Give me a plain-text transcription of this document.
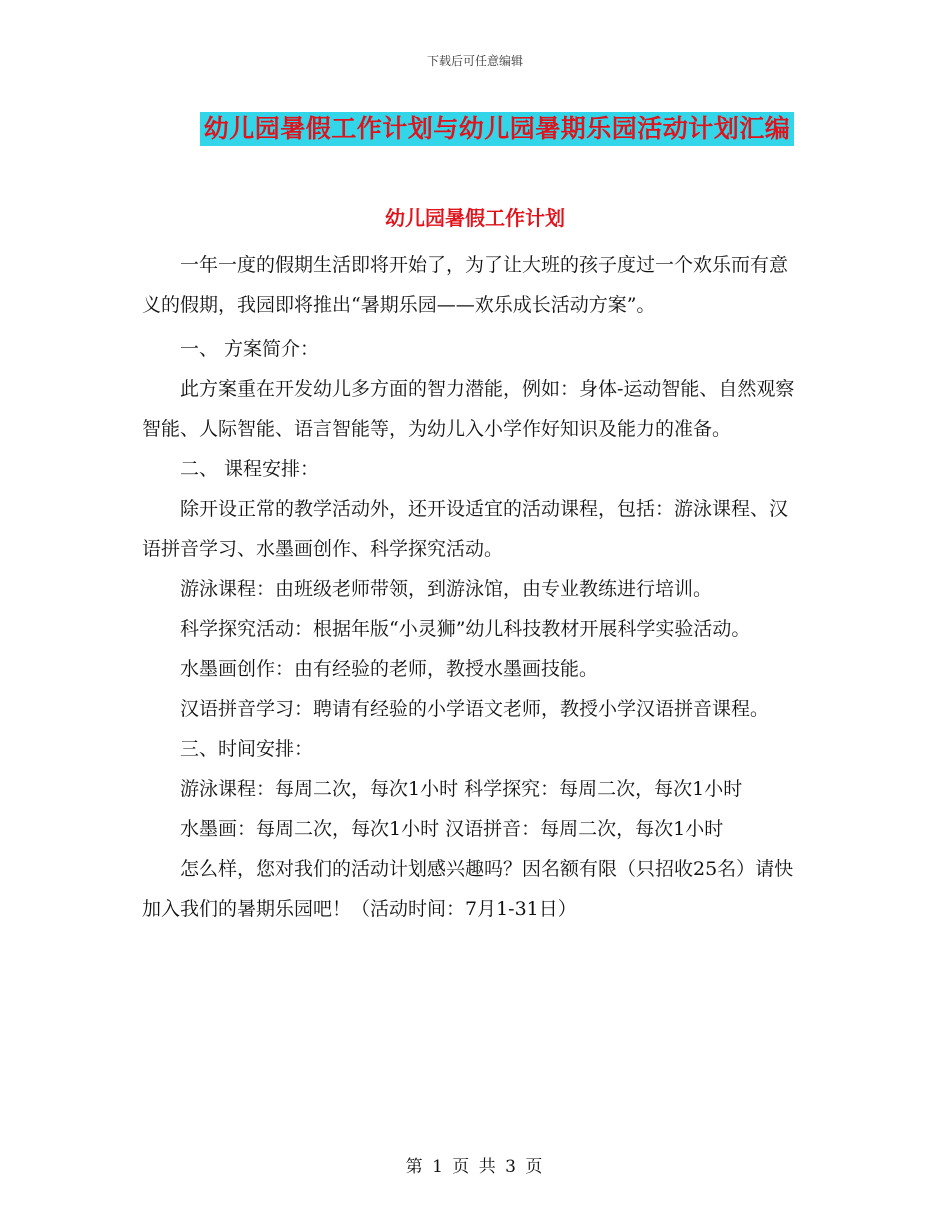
下载后可任意编辑
幼儿园暑假工作计划与幼儿园暑期乐园活动计划汇编
幼儿园暑假工作计划

一年一度的假期生活即将开始了，为了让大班的孩子度过一个欢乐而有意义的假期，我园即将推出“暑期乐园——欢乐成长活动方案”。

一、 方案简介：

此方案重在开发幼儿多方面的智力潜能，例如：身体-运动智能、自然观察智能、人际智能、语言智能等，为幼儿入小学作好知识及能力的准备。

二、 课程安排：

除开设正常的教学活动外，还开设适宜的活动课程，包括：游泳课程、汉语拼音学习、水墨画创作、科学探究活动。

游泳课程：由班级老师带领，到游泳馆，由专业教练进行培训。

科学探究活动：根据年版“小灵狮”幼儿科技教材开展科学实验活动。

水墨画创作：由有经验的老师，教授水墨画技能。

汉语拼音学习：聘请有经验的小学语文老师，教授小学汉语拼音课程。

三、时间安排：

游泳课程：每周二次，每次1小时 科学探究：每周二次，每次1小时

水墨画：每周二次，每次1小时 汉语拼音：每周二次，每次1小时

怎么样，您对我们的活动计划感兴趣吗？因名额有限（只招收25名）请快加入我们的暑期乐园吧！（活动时间：7月1-31日）

第 1 页 共 3 页
